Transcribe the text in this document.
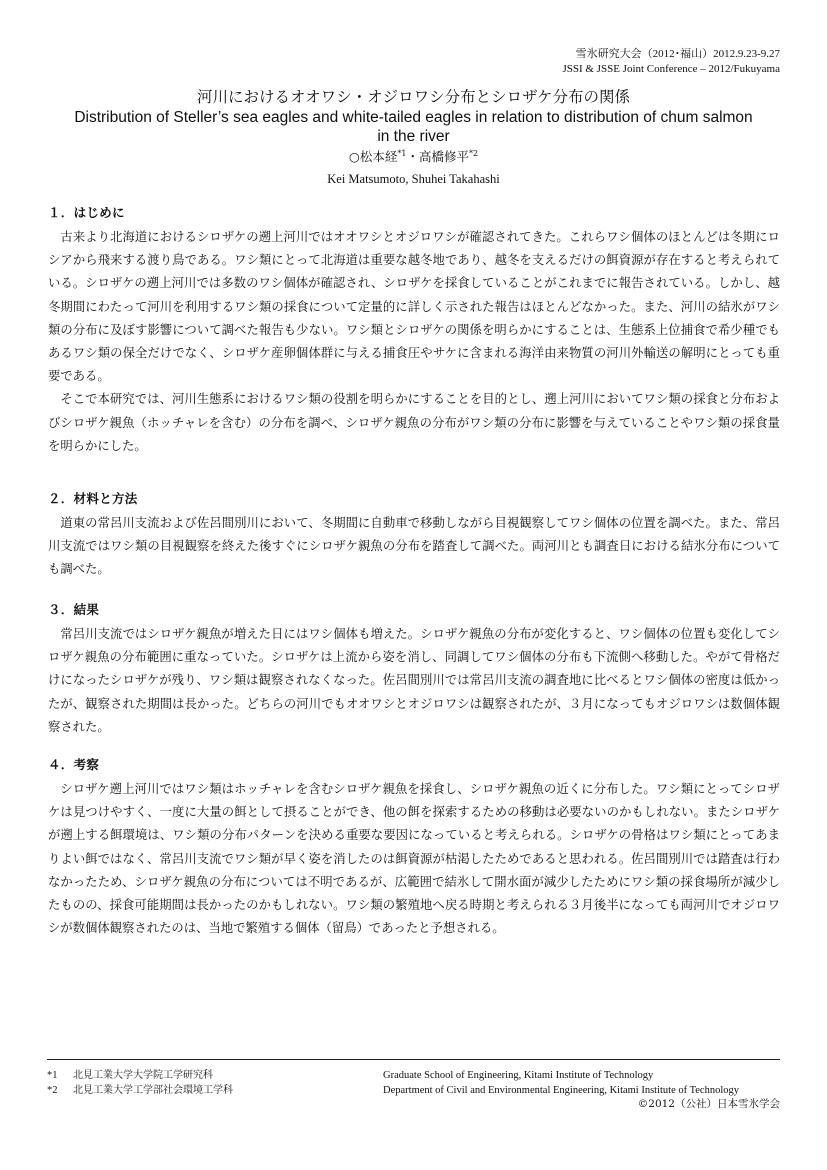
雪氷研究大会（2012･福山）2012.9.23-9.27
JSSI & JSSE Joint Conference – 2012/Fukuyama
河川におけるオオワシ・オジロワシ分布とシロザケ分布の関係
Distribution of Steller’s sea eagles and white-tailed eagles in relation to distribution of chum salmon
in the river
○松本経$^{*1}$・高橋修平$^{*2}$
Kei Matsumoto, Shuhei Takahashi
１．はじめに

古来より北海道におけるシロザケの遡上河川ではオオワシとオジロワシが確認されてきた。これらワシ個体のほとんどは冬期にロシアから飛来する渡り鳥である。ワシ類にとって北海道は重要な越冬地であり、越冬を支えるだけの餌資源が存在すると考えられている。シロザケの遡上河川では多数のワシ個体が確認され、シロザケを採食していることがこれまでに報告されている。しかし、越冬期間にわたって河川を利用するワシ類の採食について定量的に詳しく示された報告はほとんどなかった。また、河川の結氷がワシ類の分布に及ぼす影響について調べた報告も少ない。ワシ類とシロザケの関係を明らかにすることは、生態系上位捕食で希少種でもあるワシ類の保全だけでなく、シロザケ産卵個体群に与える捕食圧やサケに含まれる海洋由来物質の河川外輸送の解明にとっても重要である。

そこで本研究では、河川生態系におけるワシ類の役割を明らかにすることを目的とし、遡上河川においてワシ類の採食と分布およびシロザケ親魚（ホッチャレを含む）の分布を調べ、シロザケ親魚の分布がワシ類の分布に影響を与えていることやワシ類の採食量を明らかにした。

２．材料と方法

道東の常呂川支流および佐呂間別川において、冬期間に自動車で移動しながら目視観察してワシ個体の位置を調べた。また、常呂川支流ではワシ類の目視観察を終えた後すぐにシロザケ親魚の分布を踏査して調べた。両河川とも調査日における結氷分布についても調べた。

３．結果

常呂川支流ではシロザケ親魚が増えた日にはワシ個体も増えた。シロザケ親魚の分布が変化すると、ワシ個体の位置も変化してシロザケ親魚の分布範囲に重なっていた。シロザケは上流から姿を消し、同調してワシ個体の分布も下流側へ移動した。やがて骨格だけになったシロザケが残り、ワシ類は観察されなくなった。佐呂間別川では常呂川支流の調査地に比べるとワシ個体の密度は低かったが、観察された期間は長かった。どちらの河川でもオオワシとオジロワシは観察されたが、３月になってもオジロワシは数個体観察された。

４．考察

シロザケ遡上河川ではワシ類はホッチャレを含むシロザケ親魚を採食し、シロザケ親魚の近くに分布した。ワシ類にとってシロザケは見つけやすく、一度に大量の餌として摂ることができ、他の餌を探索するための移動は必要ないのかもしれない。またシロザケが遡上する餌環境は、ワシ類の分布パターンを決める重要な要因になっていると考えられる。シロザケの骨格はワシ類にとってあまりよい餌ではなく、常呂川支流でワシ類が早く姿を消したのは餌資源が枯渇したためであると思われる。佐呂間別川では踏査は行わなかったため、シロザケ親魚の分布については不明であるが、広範囲で結氷して開水面が減少したためにワシ類の採食場所が減少したものの、採食可能期間は長かったのかもしれない。ワシ類の繁殖地へ戻る時期と考えられる３月後半になっても両河川でオジロワシが数個体観察されたのは、当地で繁殖する個体（留鳥）であったと予想される。

*1 北見工業大学大学院工学研究科	Graduate School of Engineering, Kitami Institute of Technology
*2 北見工業大学工学部社会環境工学科	Department of Civil and Environmental Engineering, Kitami Institute of Technology
©2012（公社）日本雪氷学会
